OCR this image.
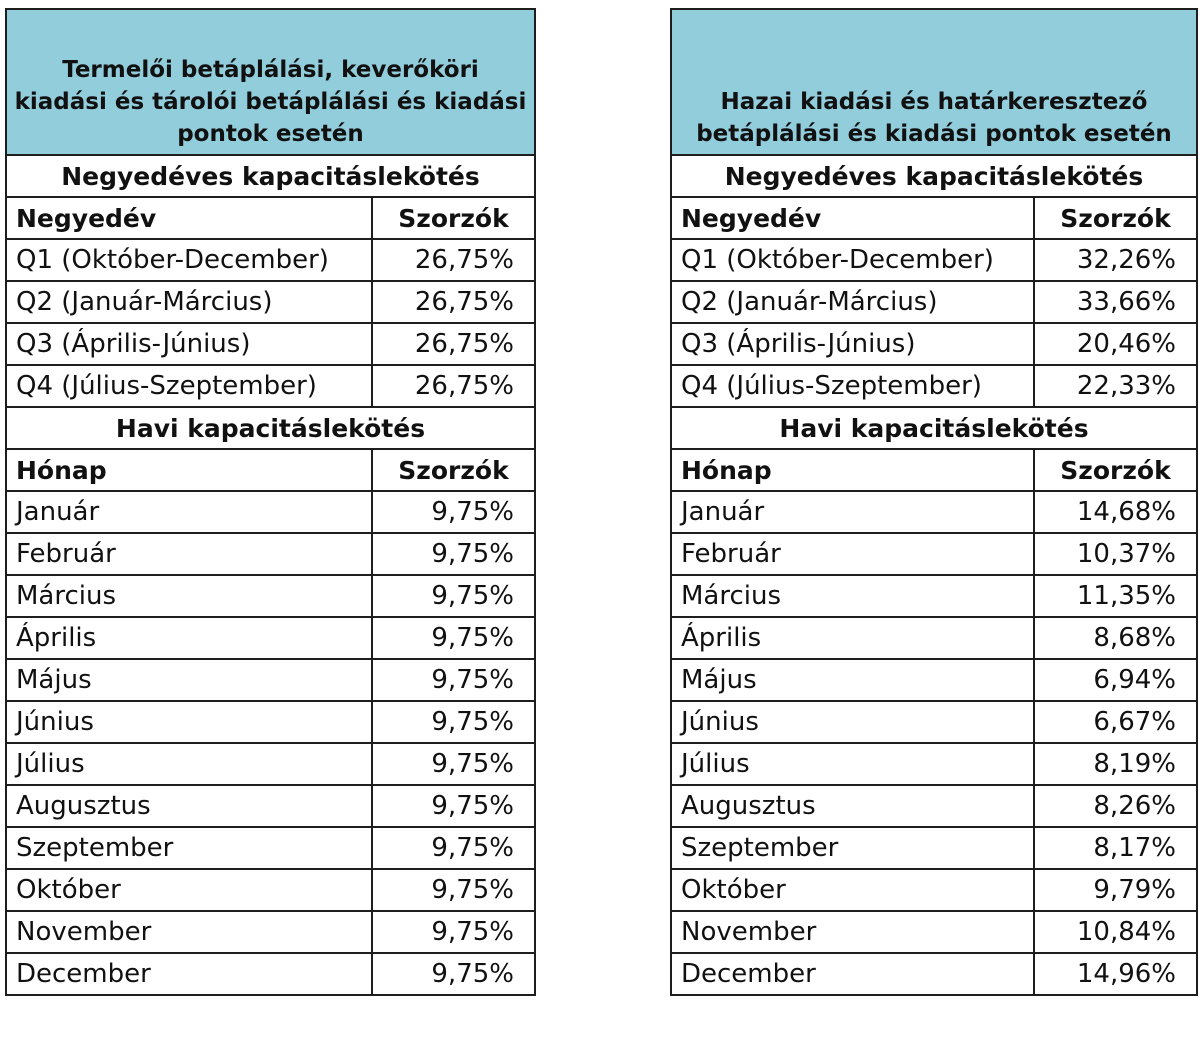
Termelői betáplálási, keverőköri kiadási és tárolói betáplálási és kiadási pontok esetén	
Negyedéves kapacitáslekötés	
Negyedév	Szorzók
Q1 (Október-December)	26,75%
Q2 (Január-Március)	26,75%
Q3 (Április-Június)	26,75%
Q4 (Július-Szeptember)	26,75%
Havi kapacitáslekötés	
Hónap	Szorzók
Január	9,75%
Február	9,75%
Március	9,75%
Április	9,75%
Május	9,75%
Június	9,75%
Július	9,75%
Augusztus	9,75%
Szeptember	9,75%
Október	9,75%
November	9,75%
December	9,75%
Hazai kiadási és határkeresztező betáplálási és kiadási pontok esetén	
Negyedéves kapacitáslekötés	
Negyedév	Szorzók
Q1 (Október-December)	32,26%
Q2 (Január-Március)	33,66%
Q3 (Április-Június)	20,46%
Q4 (Július-Szeptember)	22,33%
Havi kapacitáslekötés	
Hónap	Szorzók
Január	14,68%
Február	10,37%
Március	11,35%
Április	8,68%
Május	6,94%
Június	6,67%
Július	8,19%
Augusztus	8,26%
Szeptember	8,17%
Október	9,79%
November	10,84%
December	14,96%
